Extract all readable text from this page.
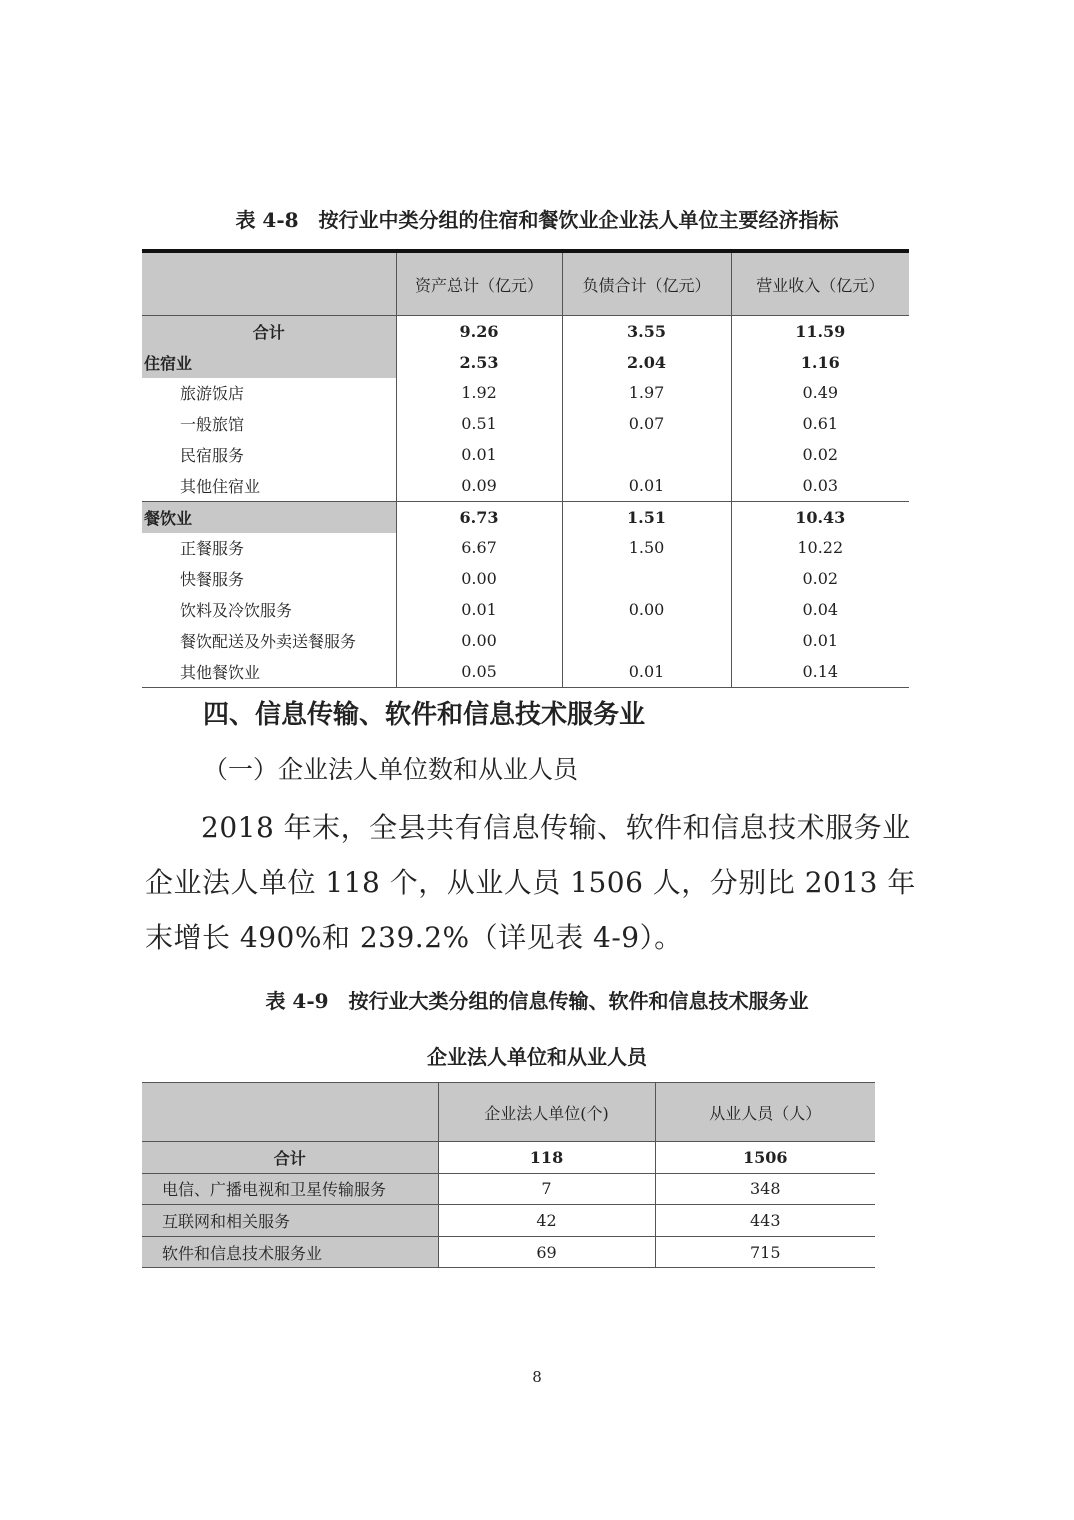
表 4-8　按行业中类分组的住宿和餐饮业企业法人单位主要经济指标
	资产总计（亿元）	负债合计（亿元）	营业收入（亿元）
合计	9.26	3.55	11.59
住宿业	2.53	2.04	1.16
旅游饭店	1.92	1.97	0.49
一般旅馆	0.51	0.07	0.61
民宿服务	0.01		0.02
其他住宿业	0.09	0.01	0.03
餐饮业	6.73	1.51	10.43
正餐服务	6.67	1.50	10.22
快餐服务	0.00		0.02
饮料及冷饮服务	0.01	0.00	0.04
餐饮配送及外卖送餐服务	0.00		0.01
其他餐饮业	0.05	0.01	0.14
四、信息传输、软件和信息技术服务业
（一）企业法人单位数和从业人员
2018 年末，全县共有信息传输、软件和信息技术服务业企业法人单位 118 个，从业人员 1506 人，分别比 2013 年末增长 490%和 239.2%（详见表 4-9）。
表 4-9　按行业大类分组的信息传输、软件和信息技术服务业
企业法人单位和从业人员
	企业法人单位(个)	从业人员（人）
合计	118	1506
电信、广播电视和卫星传输服务	7	348
互联网和相关服务	42	443
软件和信息技术服务业	69	715
8
